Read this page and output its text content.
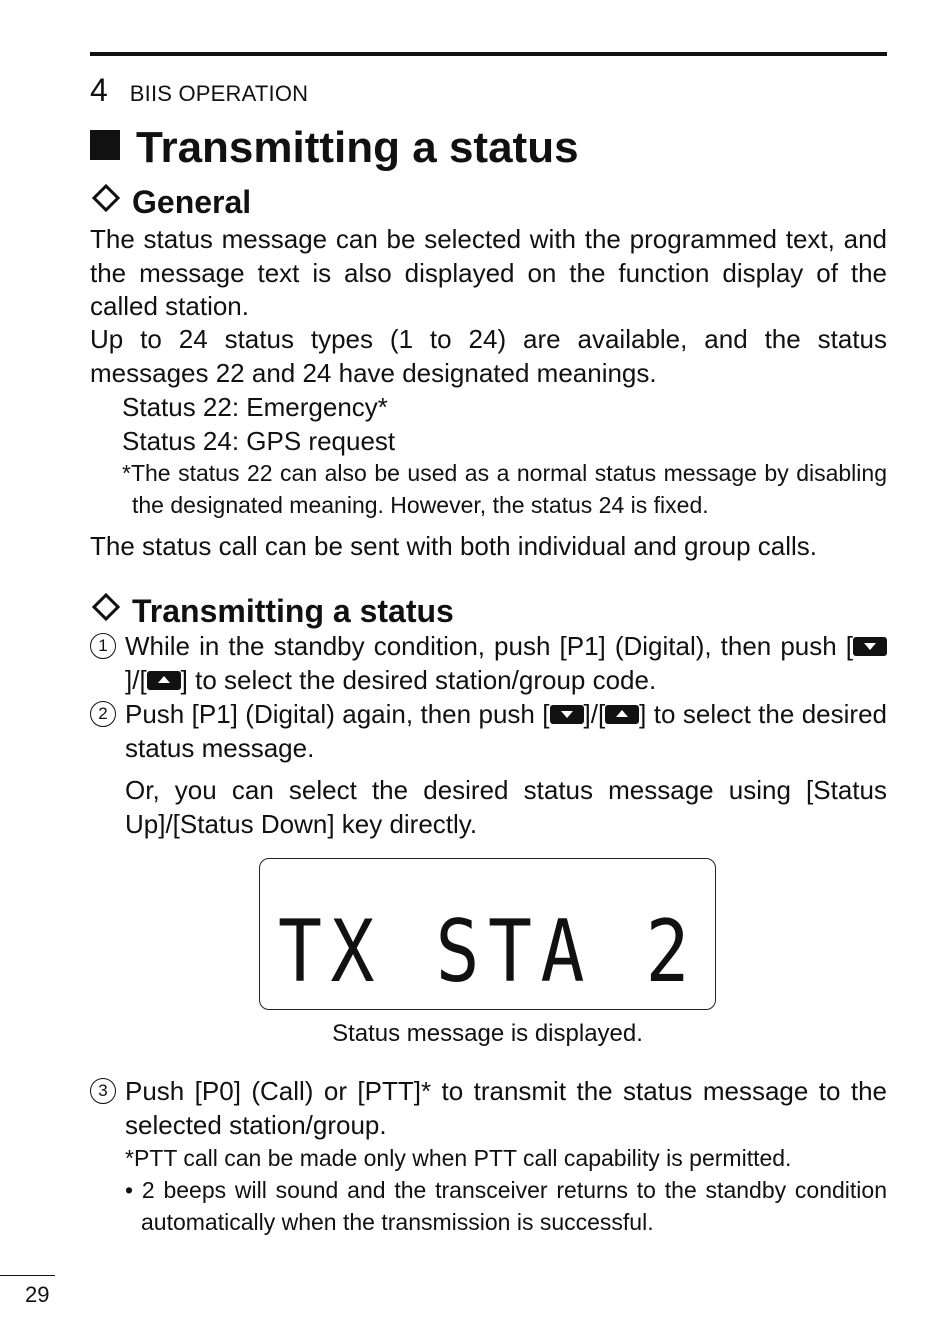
4 BIIS OPERATION
Transmitting a status
General

The status message can be selected with the programmed text, and the message text is also displayed on the function display of the called station.

Up to 24 status types (1 to 24) are available, and the status messages 22 and 24 have designated meanings.

Status 22: Emergency*

Status 24: GPS request

*The status 22 can also be used as a normal status message by disabling the designated meaning. However, the status 24 is fixed.

The status call can be sent with both individual and group calls.

Transmitting a status
1 While in the standby condition, push [P1] (Digital), then push []/[ ] to select the desired station/group code.
2 Push [P1] (Digital) again, then push [ ]/[ ] to select the desired status message.
Or, you can select the desired status message using [Status Up]/[Status Down] key directly.
TX STA 2
Status message is displayed.
3 Push [P0] (Call) or [PTT]* to transmit the status message to the selected station/group.

*PTT call can be made only when PTT call capability is permitted.

• 2 beeps will sound and the transceiver returns to the standby condition automatically when the transmission is successful.

29
